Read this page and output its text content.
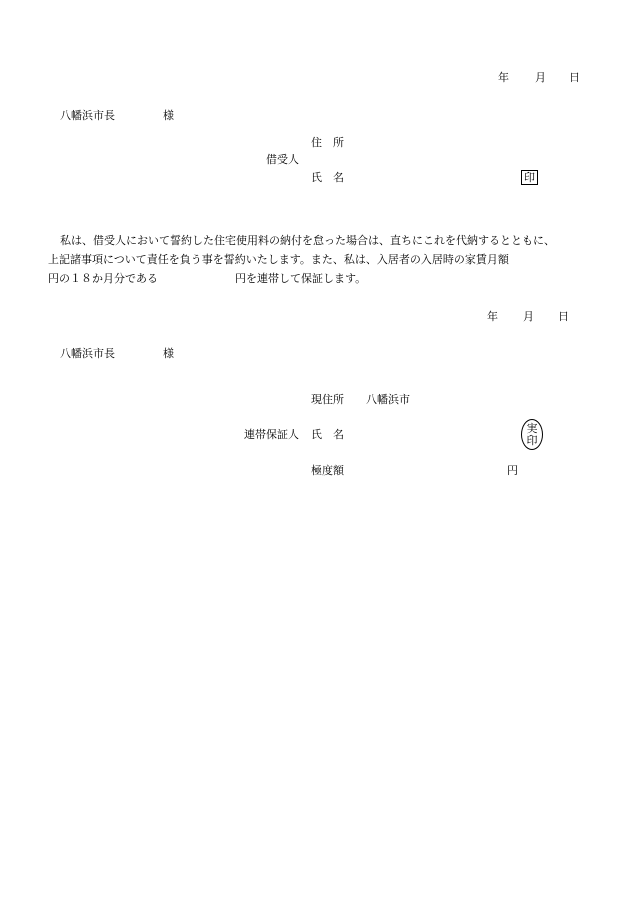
年 月 日
八幡浜市長	様
住　所
借受人
氏　名	印
私は、借受人において誓約した住宅使用料の納付を怠った場合は、直ちにこれを代納するとともに、
上記諸事項について責任を負う事を誓約いたします。また、私は、入居者の入居時の家賃月額
円の１８か月分である	円を連帯して保証します。
年 月 日
八幡浜市長	様
現住所 八幡浜市
連帯保証人 氏　名	実
印
極度額	円
